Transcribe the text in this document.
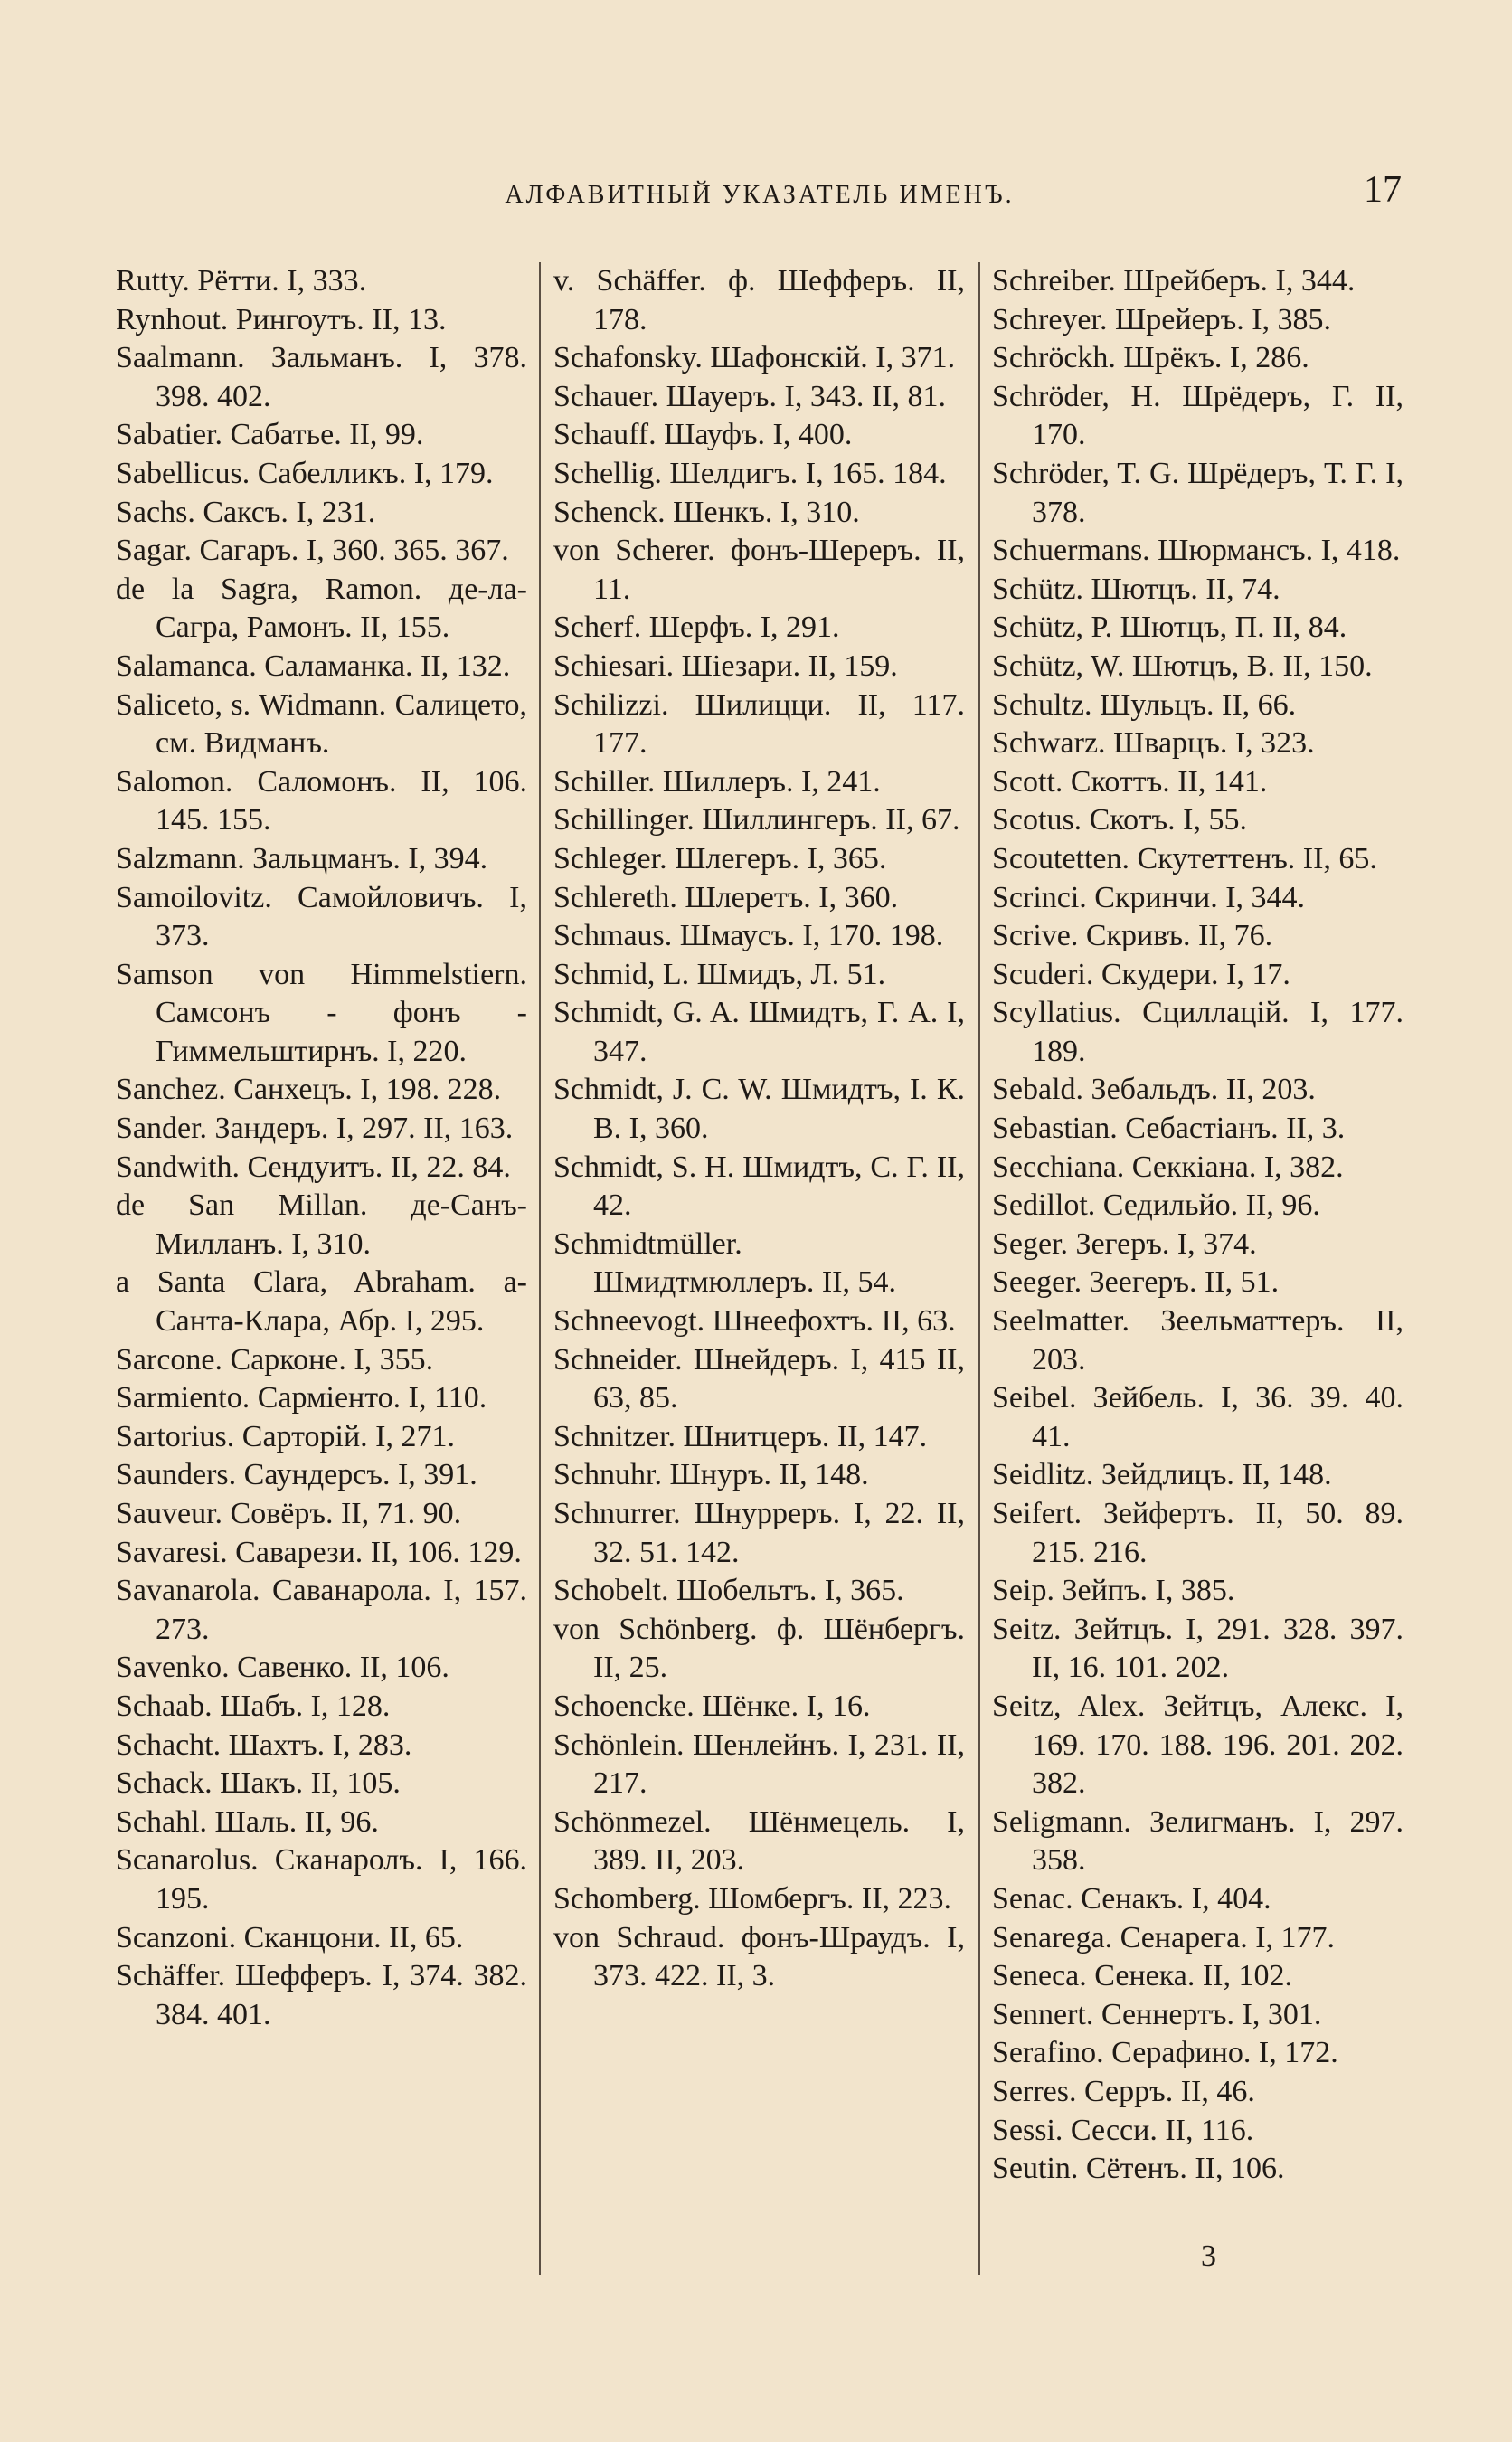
АЛФАВИТНЫЙ УКАЗАТЕЛЬ ИМЕНЪ.	17
Rutty. Рётти. I, 333.
Rynhout. Рингоутъ. II, 13.
Saalmann. Зальманъ. I, 378. 398. 402.
Sabatier. Сабатье. II, 99.
Sabellicus. Сабелликъ. I, 179.
Sachs. Саксъ. I, 231.
Sagar. Сагаръ. I, 360. 365. 367.
de la Sagra, Ramon. де-ла-Сагра, Рамонъ. II, 155.
Salamanca. Саламанка. II, 132.
Saliceto, s. Widmann. Салицето, см. Видманъ.
Salomon. Саломонъ. II, 106. 145. 155.
Salzmann. Зальцманъ. I, 394.
Samoilovitz. Самойловичъ. I, 373.
Samson von Himmelstiern. Самсонъ - фонъ - Гиммельштирнъ. I, 220.
Sanchez. Санхецъ. I, 198. 228.
Sander. Зандеръ. I, 297. II, 163.
Sandwith. Сендуитъ. II, 22. 84.
de San Millan. де-Санъ-Милланъ. I, 310.
a Santa Clara, Abraham. a-Санта-Клара, Абр. I, 295.
Sarcone. Сарконе. I, 355.
Sarmiento. Сарміенто. I, 110.
Sartorius. Сарторій. I, 271.
Saunders. Саундерсъ. I, 391.
Sauveur. Совёръ. II, 71. 90.
Savaresi. Саварези. II, 106. 129.
Savanarola. Саванарола. I, 157. 273.
Savenko. Савенко. II, 106.
Schaab. Шабъ. I, 128.
Schacht. Шахтъ. I, 283.
Schack. Шакъ. II, 105.
Schahl. Шаль. II, 96.
Scanarolus. Сканаролъ. I, 166. 195.
Scanzoni. Сканцони. II, 65.
Schäffer. Шефферъ. I, 374. 382. 384. 401.
v. Schäffer. ф. Шефферъ. II, 178.
Schafonsky. Шафонскій. I, 371.
Schauer. Шауеръ. I, 343. II, 81.
Schauff. Шауфъ. I, 400.
Schellig. Шелдигъ. I, 165. 184.
Schenck. Шенкъ. I, 310.
von Scherer. фонъ-Шереръ. II, 11.
Scherf. Шерфъ. I, 291.
Schiesari. Шіезари. II, 159.
Schilizzi. Шилицци. II, 117. 177.
Schiller. Шиллеръ. I, 241.
Schillinger. Шиллингеръ. II, 67.
Schleger. Шлегеръ. I, 365.
Schlereth. Шлеретъ. I, 360.
Schmaus. Шмаусъ. I, 170. 198.
Schmid, L. Шмидъ, Л. 51.
Schmidt, G. A. Шмидтъ, Г. А. I, 347.
Schmidt, J. C. W. Шмидтъ, I. К. В. I, 360.
Schmidt, S. H. Шмидтъ, С. Г. II, 42.
Schmidtmüller. Шмидтмюллеръ. II, 54.
Schneevogt. Шнеефохтъ. II, 63.
Schneider. Шнейдеръ. I, 415 II, 63, 85.
Schnitzer. Шнитцеръ. II, 147.
Schnuhr. Шнуръ. II, 148.
Schnurrer. Шнурреръ. I, 22. II, 32. 51. 142.
Schobelt. Шобельтъ. I, 365.
von Schönberg. ф. Шёнбергъ. II, 25.
Schoencke. Шёнке. I, 16.
Schönlein. Шенлейнъ. I, 231. II, 217.
Schönmezel. Шёнмецель. I, 389. II, 203.
Schomberg. Шомбергъ. II, 223.
von Schraud. фонъ-Шраудъ. I, 373. 422. II, 3.
Schreiber. Шрейберъ. I, 344.
Schreyer. Шрейеръ. I, 385.
Schröckh. Шрёкъ. I, 286.
Schröder, H. Шрёдеръ, Г. II, 170.
Schröder, T. G. Шрёдеръ, Т. Г. I, 378.
Schuermans. Шюрмансъ. I, 418.
Schütz. Шютцъ. II, 74.
Schütz, P. Шютцъ, П. II, 84.
Schütz, W. Шютцъ, В. II, 150.
Schultz. Шульцъ. II, 66.
Schwarz. Шварцъ. I, 323.
Scott. Скоттъ. II, 141.
Scotus. Скотъ. I, 55.
Scoutetten. Скутеттенъ. II, 65.
Scrinci. Скринчи. I, 344.
Scrive. Скривъ. II, 76.
Scuderi. Скудери. I, 17.
Scyllatius. Сциллацій. I, 177. 189.
Sebald. Зебальдъ. II, 203.
Sebastian. Себастіанъ. II, 3.
Secchiana. Секкіана. I, 382.
Sedillot. Седильйо. II, 96.
Seger. Зегеръ. I, 374.
Seeger. Зеегеръ. II, 51.
Seelmatter. Зеельматтеръ. II, 203.
Seibel. Зейбель. I, 36. 39. 40. 41.
Seidlitz. Зейдлицъ. II, 148.
Seifert. Зейфертъ. II, 50. 89. 215. 216.
Seip. Зейпъ. I, 385.
Seitz. Зейтцъ. I, 291. 328. 397. II, 16. 101. 202.
Seitz, Alex. Зейтцъ, Алекс. I, 169. 170. 188. 196. 201. 202. 382.
Seligmann. Зелигманъ. I, 297. 358.
Senac. Сенакъ. I, 404.
Senarega. Сенарега. I, 177.
Seneca. Сенека. II, 102.
Sennert. Сеннертъ. I, 301.
Serafino. Серафино. I, 172.
Serres. Серръ. II, 46.
Sessi. Сесси. II, 116.
Seutin. Сётенъ. II, 106.
3
